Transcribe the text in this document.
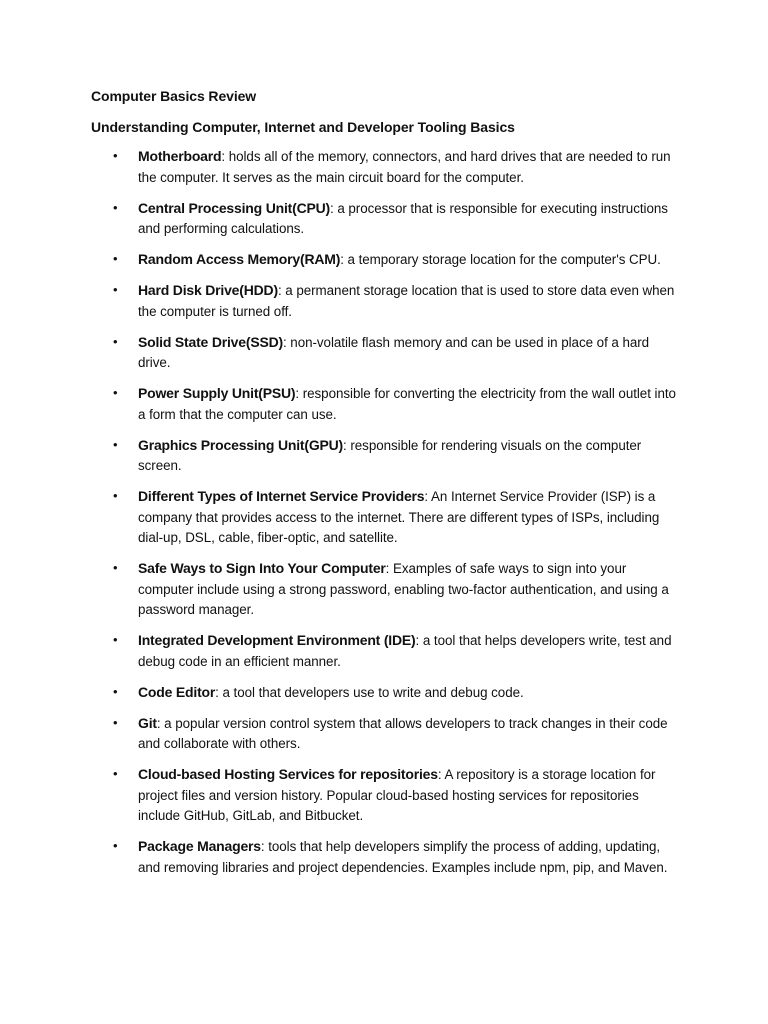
Computer Basics Review
Understanding Computer, Internet and Developer Tooling Basics
• Motherboard: holds all of the memory, connectors, and hard drives that are needed to run the computer. It serves as the main circuit board for the computer.
• Central Processing Unit(CPU): a processor that is responsible for executing instructions and performing calculations.
• Random Access Memory(RAM): a temporary storage location for the computer's CPU.
• Hard Disk Drive(HDD): a permanent storage location that is used to store data even when the computer is turned off.
• Solid State Drive(SSD): non-volatile flash memory and can be used in place of a hard drive.
• Power Supply Unit(PSU): responsible for converting the electricity from the wall outlet into a form that the computer can use.
• Graphics Processing Unit(GPU): responsible for rendering visuals on the computer screen.
• Different Types of Internet Service Providers: An Internet Service Provider (ISP) is a company that provides access to the internet. There are different types of ISPs, including dial-up, DSL, cable, fiber-optic, and satellite.
• Safe Ways to Sign Into Your Computer: Examples of safe ways to sign into your computer include using a strong password, enabling two-factor authentication, and using a password manager.
• Integrated Development Environment (IDE): a tool that helps developers write, test and debug code in an efficient manner.
• Code Editor: a tool that developers use to write and debug code.
• Git: a popular version control system that allows developers to track changes in their code and collaborate with others.
• Cloud-based Hosting Services for repositories: A repository is a storage location for project files and version history. Popular cloud-based hosting services for repositories include GitHub, GitLab, and Bitbucket.
• Package Managers: tools that help developers simplify the process of adding, updating, and removing libraries and project dependencies. Examples include npm, pip, and Maven.
